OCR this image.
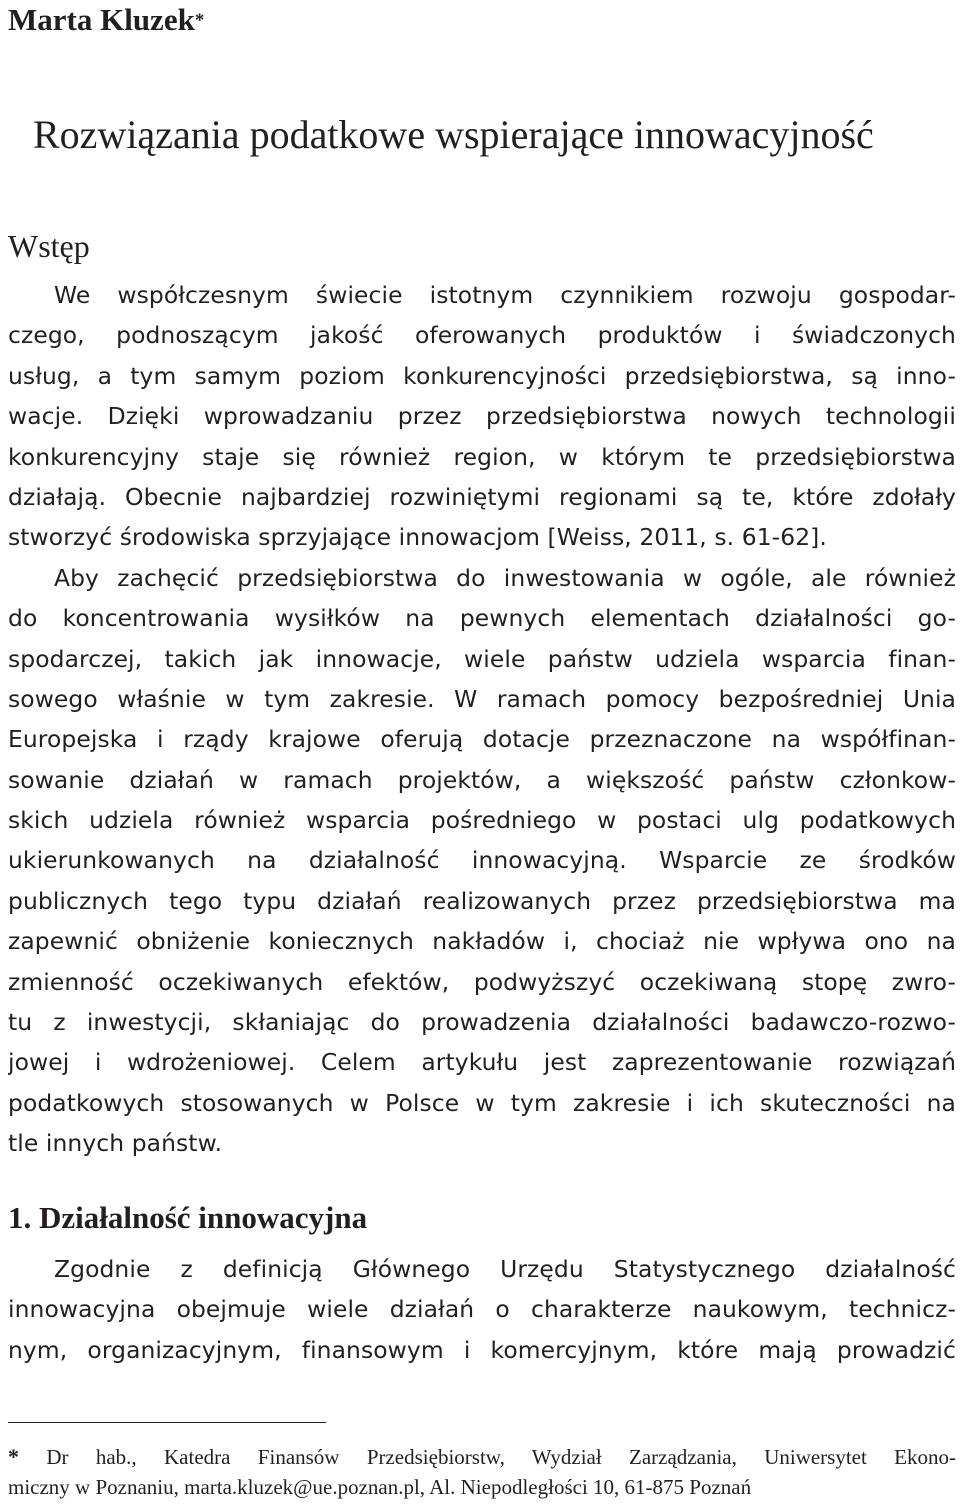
Marta Kluzek*
Rozwiązania podatkowe wspierające innowacyjność
Wstęp
We współczesnym świecie istotnym czynnikiem rozwoju gospodar-
czego, podnoszącym jakość oferowanych produktów i świadczonych
usług, a tym samym poziom konkurencyjności przedsiębiorstwa, są inno-
wacje. Dzięki wprowadzaniu przez przedsiębiorstwa nowych technologii
konkurencyjny staje się również region, w którym te przedsiębiorstwa
działają. Obecnie najbardziej rozwiniętymi regionami są te, które zdołały
stworzyć środowiska sprzyjające innowacjom [Weiss, 2011, s. 61-62].
Aby zachęcić przedsiębiorstwa do inwestowania w ogóle, ale również
do koncentrowania wysiłków na pewnych elementach działalności go-
spodarczej, takich jak innowacje, wiele państw udziela wsparcia finan-
sowego właśnie w tym zakresie. W ramach pomocy bezpośredniej Unia
Europejska i rządy krajowe oferują dotacje przeznaczone na współfinan-
sowanie działań w ramach projektów, a większość państw członkow-
skich udziela również wsparcia pośredniego w postaci ulg podatkowych
ukierunkowanych na działalność innowacyjną. Wsparcie ze środków
publicznych tego typu działań realizowanych przez przedsiębiorstwa ma
zapewnić obniżenie koniecznych nakładów i, chociaż nie wpływa ono na
zmienność oczekiwanych efektów, podwyższyć oczekiwaną stopę zwro-
tu z inwestycji, skłaniając do prowadzenia działalności badawczo-rozwo-
jowej i wdrożeniowej. Celem artykułu jest zaprezentowanie rozwiązań
podatkowych stosowanych w Polsce w tym zakresie i ich skuteczności na
tle innych państw.
1. Działalność innowacyjna
Zgodnie z definicją Głównego Urzędu Statystycznego działalność
innowacyjna obejmuje wiele działań o charakterze naukowym, technicz-
nym, organizacyjnym, finansowym i komercyjnym, które mają prowadzić
* Dr hab., Katedra Finansów Przedsiębiorstw, Wydział Zarządzania, Uniwersytet Ekono-
miczny w Poznaniu, marta.kluzek@ue.poznan.pl, Al. Niepodległości 10, 61-875 Poznań
